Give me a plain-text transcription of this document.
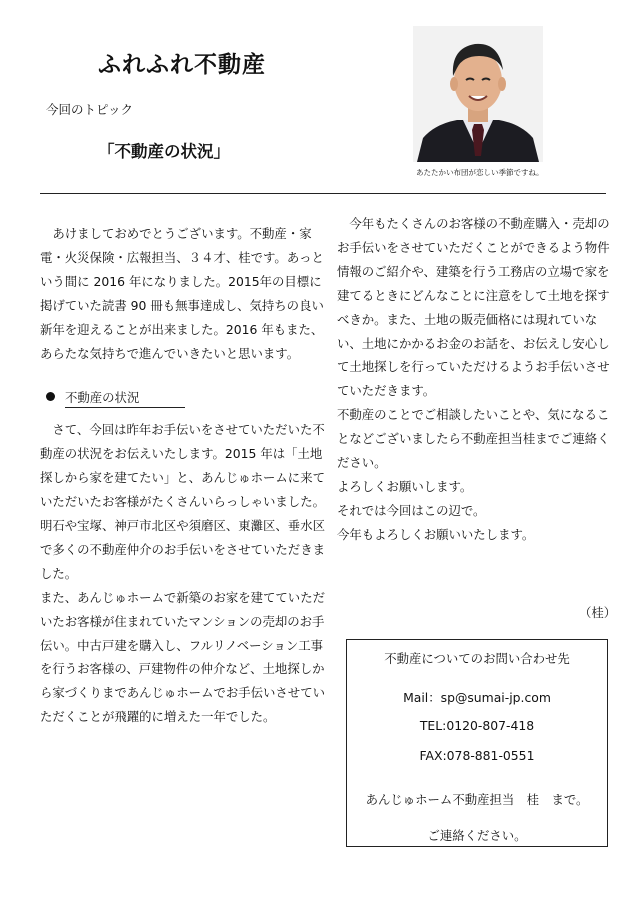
ふれふれ不動産
今回のトピック
「不動産の状況」
あたたかい布団が恋しい季節ですね。

あけましておめでとうございます。不動産・家電・火災保険・広報担当、３４才、桂です。あっという間に 2016 年になりました。2015年の目標に掲げていた読書 90 冊も無事達成し、気持ちの良い新年を迎えることが出来ました。2016 年もまた、あらたな気持ちで進んでいきたいと思います。

不動産の状況

さて、今回は昨年お手伝いをさせていただいた不動産の状況をお伝えいたします。2015 年は「土地探しから家を建てたい」と、あんじゅホームに来ていただいたお客様がたくさんいらっしゃいました。明石や宝塚、神戸市北区や須磨区、東灘区、垂水区で多くの不動産仲介のお手伝いをさせていただきました。

また、あんじゅホームで新築のお家を建てていただいたお客様が住まれていたマンションの売却のお手伝い。中古戸建を購入し、フルリノベーション工事を行うお客様の、戸建物件の仲介など、土地探しから家づくりまであんじゅホームでお手伝いさせていただくことが飛躍的に増えた一年でした。

今年もたくさんのお客様の不動産購入・売却のお手伝いをさせていただくことができるよう物件情報のご紹介や、建築を行う工務店の立場で家を建てるときにどんなことに注意をして土地を探すべきか。また、土地の販売価格には現れていない、土地にかかるお金のお話を、お伝えし安心して土地探しを行っていただけるようお手伝いさせていただきます。

不動産のことでご相談したいことや、気になることなどございましたら不動産担当桂までご連絡ください。

よろしくお願いします。

それでは今回はこの辺で。

今年もよろしくお願いいたします。

（桂）
不動産についてのお問い合わせ先
Mail：sp@sumai-jp.com
TEL:0120-807-418
FAX:078-881-0551
あんじゅホーム不動産担当　桂　まで。
ご連絡ください。
